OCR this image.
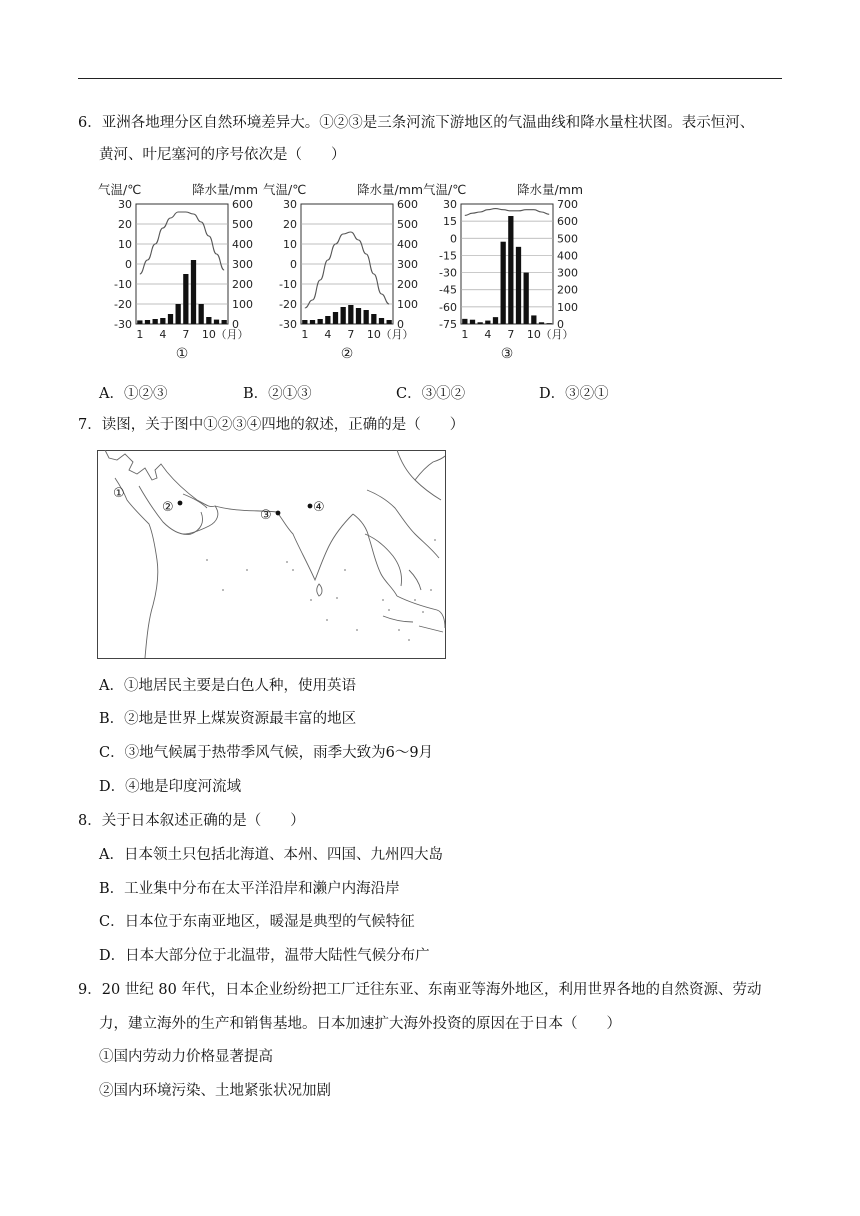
6．亚洲各地理分区自然环境差异大。①②③是三条河流下游地区的气温曲线和降水量柱状图。表示恒河、
黄河、叶尼塞河的序号依次是（　　）
气温/℃	降水量/mm
30	600
20	500
10	400
0	300
-10	200
-20	100
-30	0
1 4 7 10 （月）
①
气温/℃	降水量/mm
30	600
20	500
10	400
0	300
-10	200
-20	100
-30	0
1 4 7 10 （月）
②
气温/℃	降水量/mm
30	700
15	600
0	500
-15	400
-30	300
-45	200
-60	100
-75	0
1 4 7 10 （月）
③
A．①②③	B．②①③	C．③①②	D．③②①
7．读图，关于图中①②③④四地的叙述，正确的是（　　）
①
②
③
④
A．①地居民主要是白色人种，使用英语
B．②地是世界上煤炭资源最丰富的地区
C．③地气候属于热带季风气候，雨季大致为6～9月
D．④地是印度河流域
8．关于日本叙述正确的是（　　）
A．日本领土只包括北海道、本州、四国、九州四大岛
B．工业集中分布在太平洋沿岸和濑户内海沿岸
C．日本位于东南亚地区，暖湿是典型的气候特征
D．日本大部分位于北温带，温带大陆性气候分布广
9．20 世纪 80 年代，日本企业纷纷把工厂迁往东亚、东南亚等海外地区，利用世界各地的自然资源、劳动
力，建立海外的生产和销售基地。日本加速扩大海外投资的原因在于日本（　　）
①国内劳动力价格显著提高
②国内环境污染、土地紧张状况加剧
